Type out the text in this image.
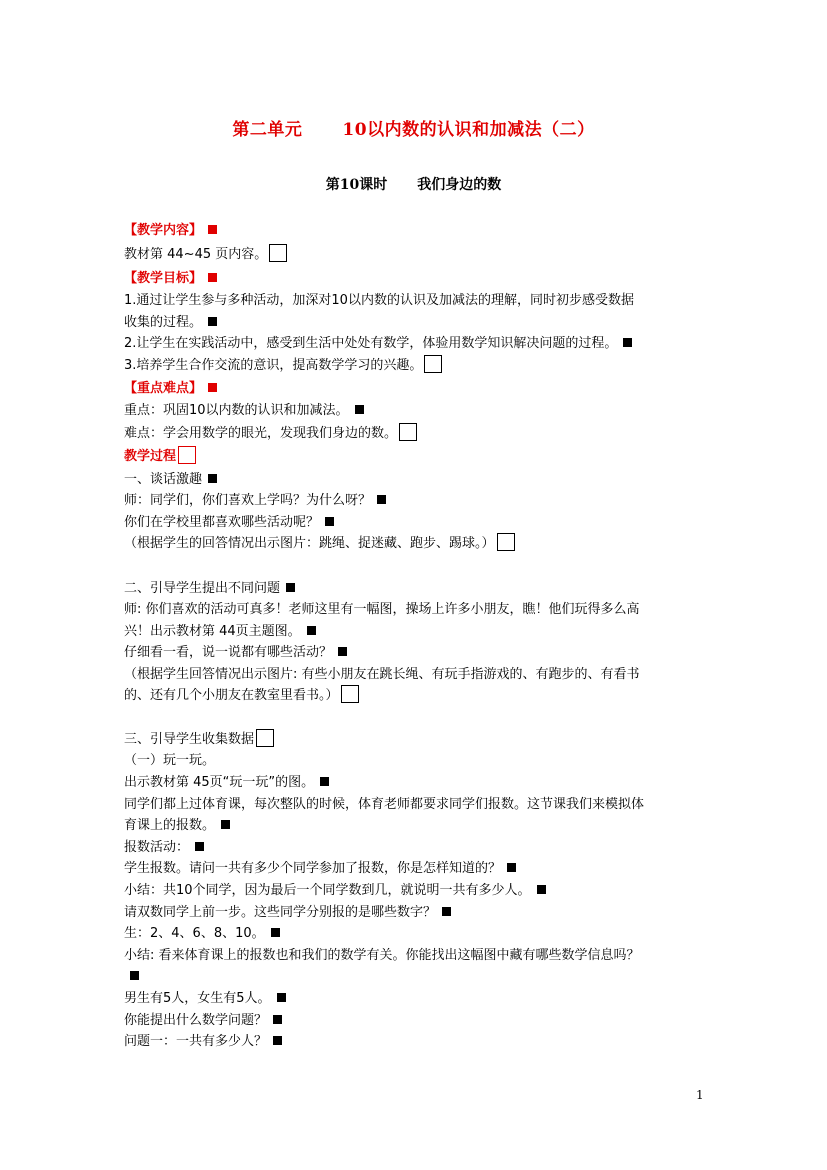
第二单元 10以内数的认识和加减法（二）
第10课时 我们身边的数
【教学内容】
教材第 44~45 页内容。
【教学目标】
1.通过让学生参与多种活动，加深对10以内数的认识及加减法的理解，同时初步感受数据
收集的过程。
2.让学生在实践活动中，感受到生活中处处有数学，体验用数学知识解决问题的过程。
3.培养学生合作交流的意识，提高数学学习的兴趣。
【重点难点】
重点：巩固10以内数的认识和加减法。
难点：学会用数学的眼光，发现我们身边的数。
教学过程
一、谈话激趣
师：同学们，你们喜欢上学吗？为什么呀？
你们在学校里都喜欢哪些活动呢？
（根据学生的回答情况出示图片：跳绳、捉迷藏、跑步、踢球。）
二、引导学生提出不同问题
师: 你们喜欢的活动可真多！老师这里有一幅图，操场上许多小朋友，瞧！他们玩得多么高
兴！出示教材第 44页主题图。
仔细看一看，说一说都有哪些活动？
（根据学生回答情况出示图片: 有些小朋友在跳长绳、有玩手指游戏的、有跑步的、有看书
的、还有几个小朋友在教室里看书。）
三、引导学生收集数据
（一）玩一玩。
出示教材第 45页“玩一玩”的图。
同学们都上过体育课，每次整队的时候，体育老师都要求同学们报数。这节课我们来模拟体
育课上的报数。
报数活动：
学生报数。请问一共有多少个同学参加了报数，你是怎样知道的？
小结：共10个同学，因为最后一个同学数到几，就说明一共有多少人。
请双数同学上前一步。这些同学分别报的是哪些数字？
生：2、4、6、8、10。
小结: 看来体育课上的报数也和我们的数学有关。你能找出这幅图中藏有哪些数学信息吗？
男生有5人，女生有5人。
你能提出什么数学问题？
问题一：一共有多少人？
1
